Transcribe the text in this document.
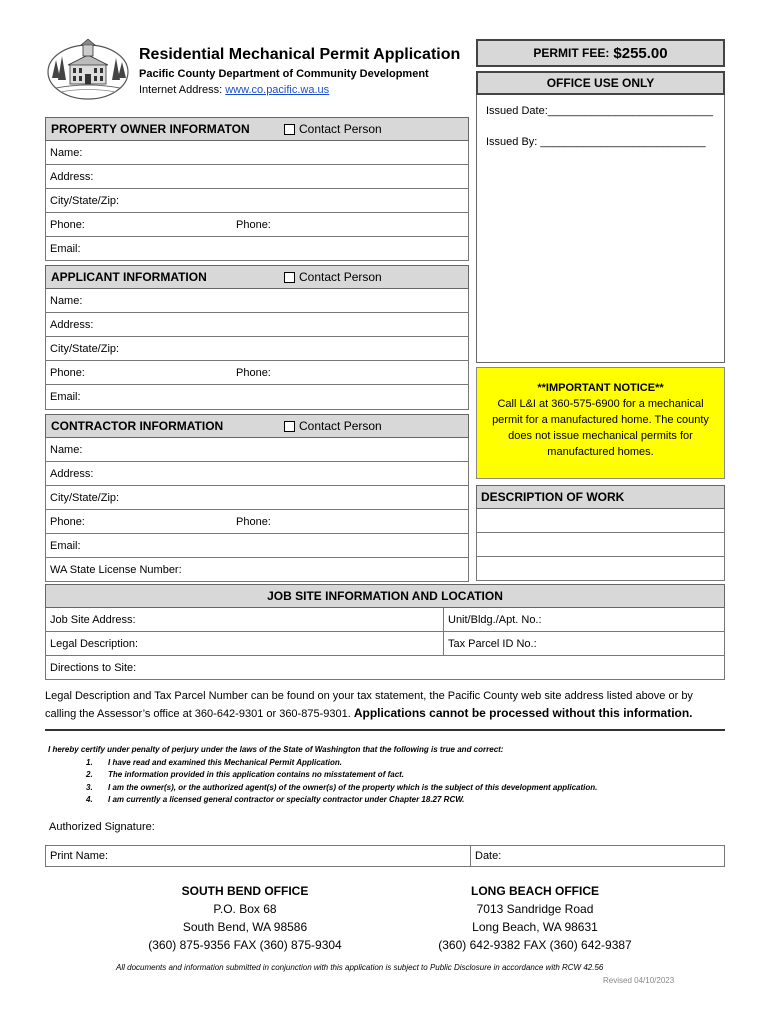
Residential Mechanical Permit Application
Pacific County Department of Community Development
Internet Address: www.co.pacific.wa.us
PERMIT FEE: $255.00
OFFICE USE ONLY
Issued Date:___________________________
Issued By: ___________________________
**IMPORTANT NOTICE**
Call L&I at 360-575-6900 for a mechanical
permit for a manufactured home. The county
does not issue mechanical permits for
manufactured homes.
DESCRIPTION OF WORK
PROPERTY OWNER INFORMATON	Contact Person
Name:
Address:
City/State/Zip:
Phone:	Phone:
Email:
APPLICANT INFORMATION	Contact Person
Name:
Address:
City/State/Zip:
Phone:	Phone:
Email:
CONTRACTOR INFORMATION	Contact Person
Name:
Address:
City/State/Zip:
Phone:	Phone:
Email:
WA State License Number:
JOB SITE INFORMATION AND LOCATION
Job Site Address:	Unit/Bldg./Apt. No.:
Legal Description:	Tax Parcel ID No.:
Directions to Site:
Legal Description and Tax Parcel Number can be found on your tax statement, the Pacific County web site address listed above or by calling the Assessor’s office at 360-642-9301 or 360-875-9301. Applications cannot be processed without this information.
I hereby certify under penalty of perjury under the laws of the State of Washington that the following is true and correct:
1. I have read and examined this Mechanical Permit Application.
2. The information provided in this application contains no misstatement of fact.
3. I am the owner(s), or the authorized agent(s) of the owner(s) of the property which is the subject of this development application.
4. I am currently a licensed general contractor or specialty contractor under Chapter 18.27 RCW.
Authorized Signature:
Print Name:	Date:
SOUTH BEND OFFICE
P.O. Box 68
South Bend, WA 98586
(360) 875-9356 FAX (360) 875-9304
LONG BEACH OFFICE
7013 Sandridge Road
Long Beach, WA 98631
(360) 642-9382 FAX (360) 642-9387
All documents and information submitted in conjunction with this application is subject to Public Disclosure in accordance with RCW 42.56
Revised 04/10/2023
